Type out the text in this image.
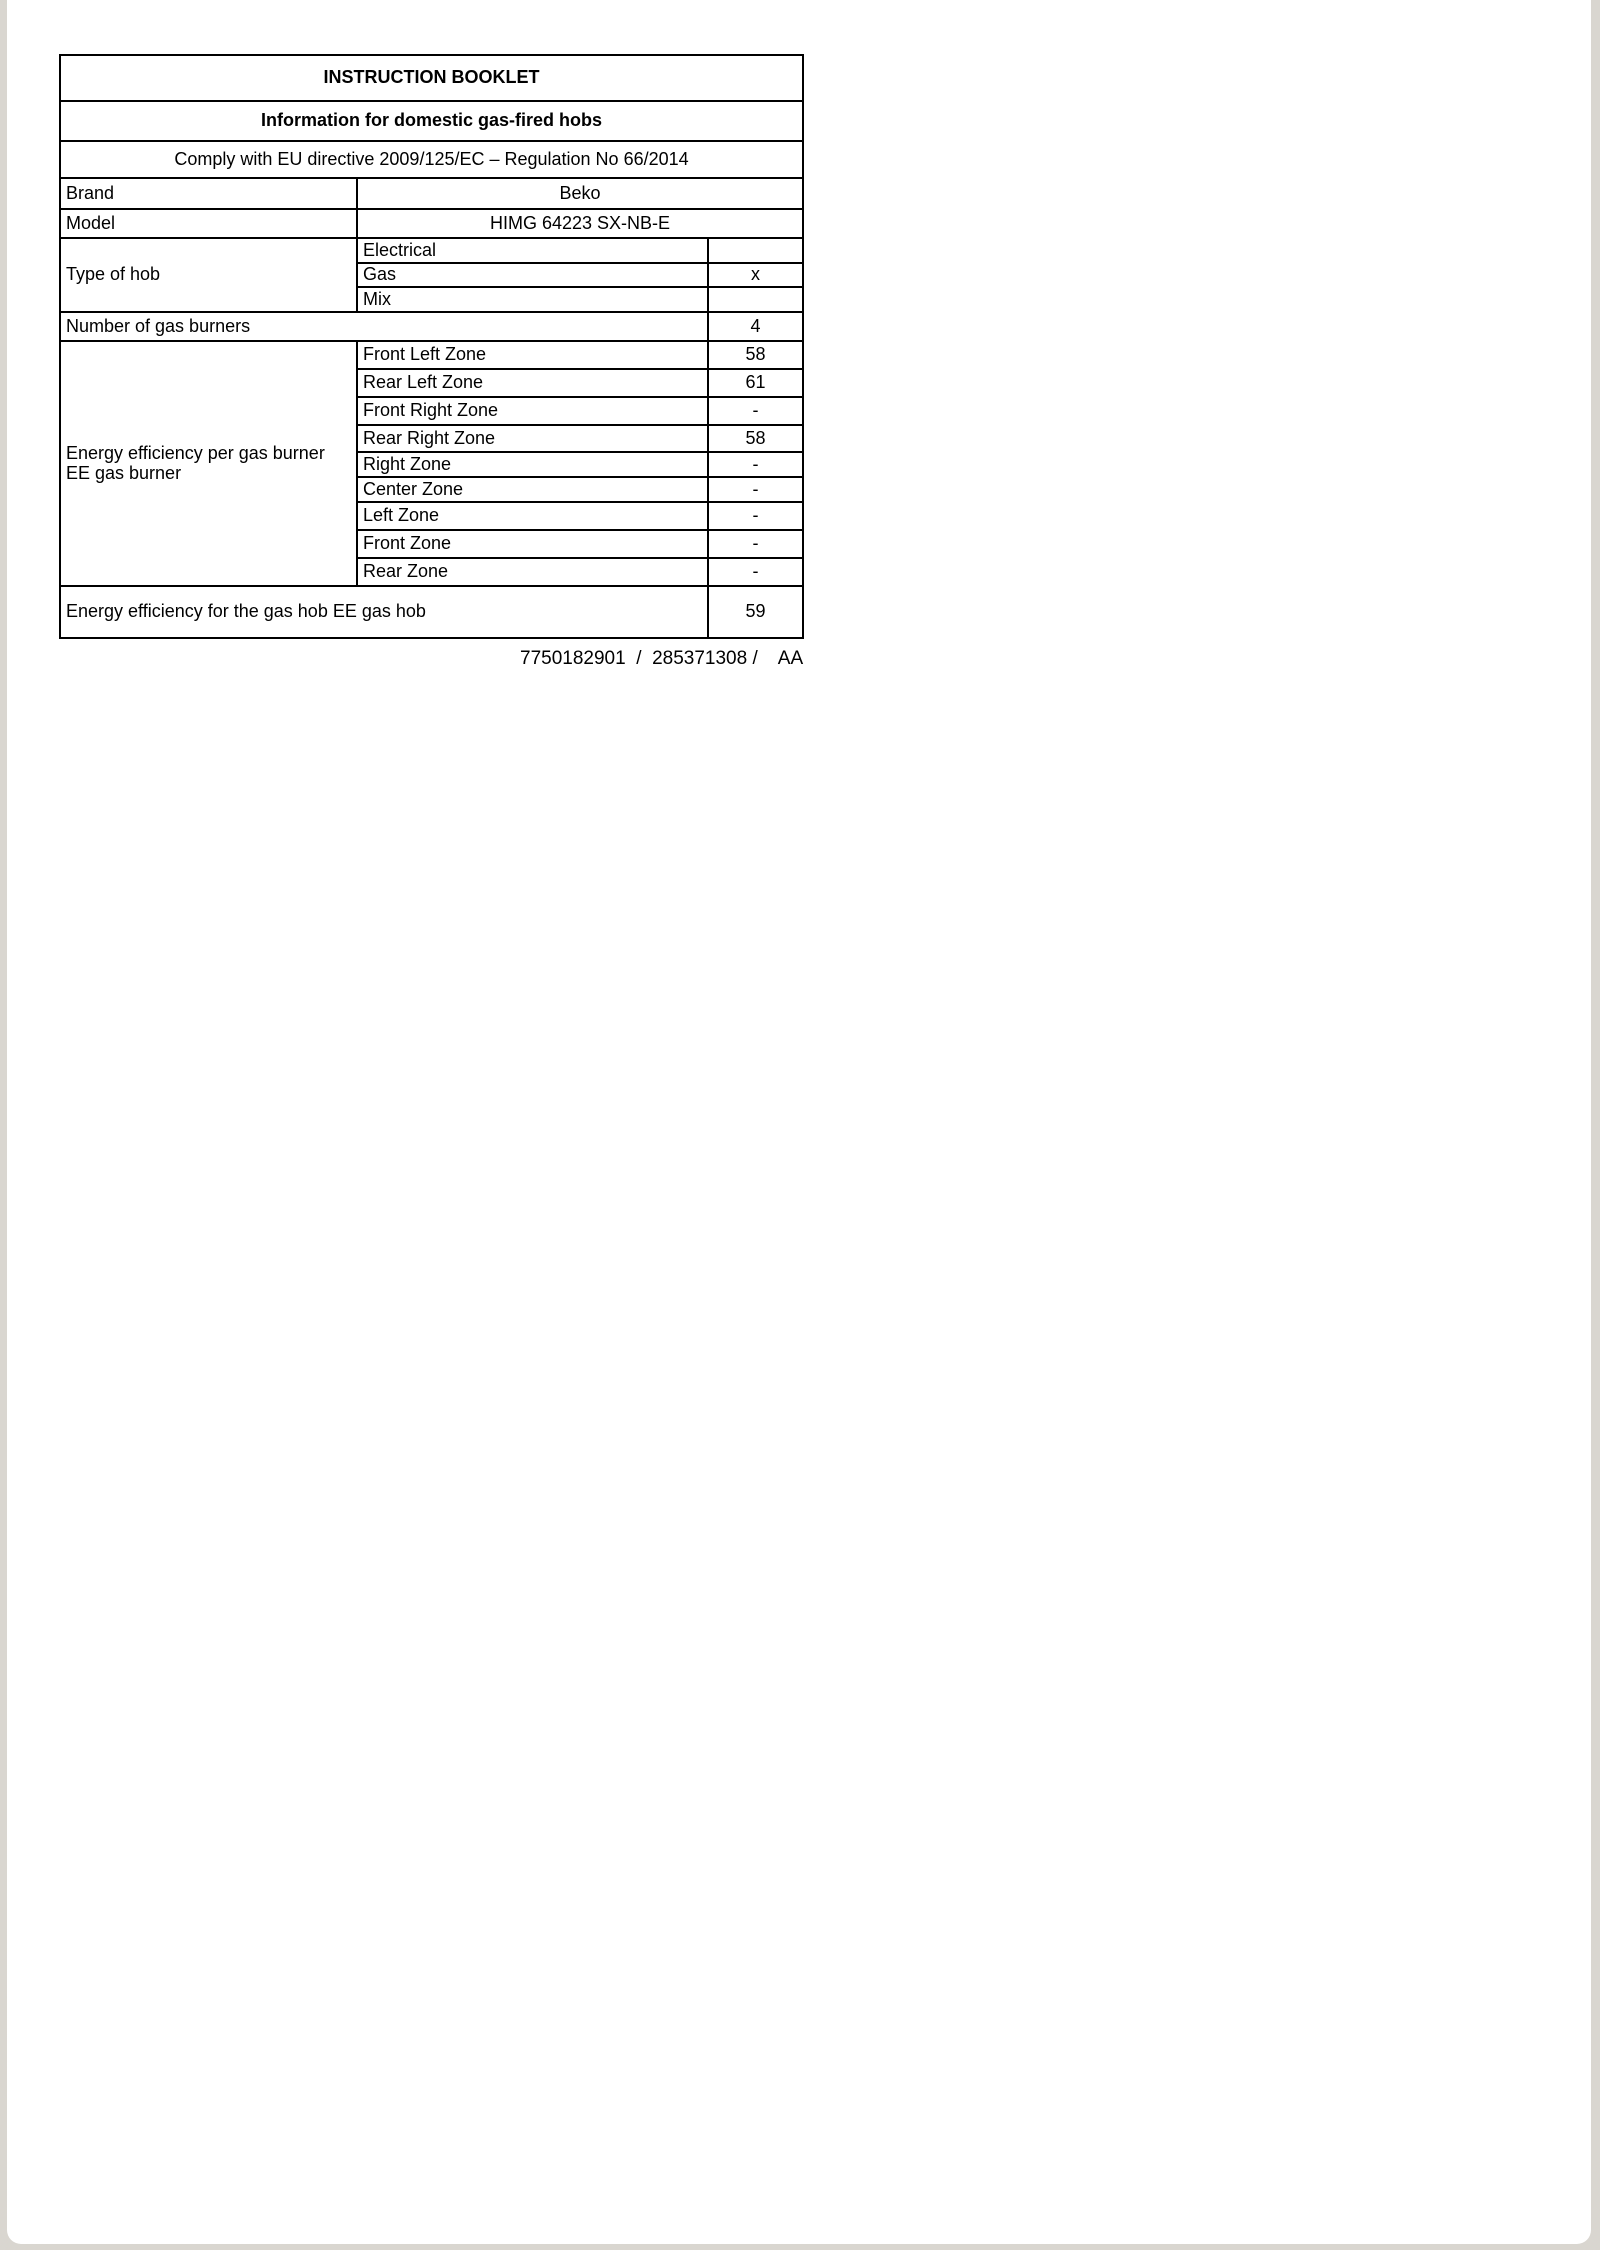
INSTRUCTION BOOKLET		
Information for domestic gas-fired hobs		
Comply with EU directive 2009/125/EC – Regulation No 66/2014		
Brand	Beko	
Model	HIMG 64223 SX-NB-E	
Type of hob	Electrical	
	Gas	x
	Mix	
Number of gas burners		4

Energy efficiency per gas burner
EE gas burner	Front Left Zone	58
	Rear Left Zone	61
	Front Right Zone	-
	Rear Right Zone	58
	Right Zone	-
	Center Zone	-
	Left Zone	-
	Front Zone	-
	Rear Zone	-
Energy efficiency for the gas hob EE gas hob		59
7750182901  /  285371308 /    AA
